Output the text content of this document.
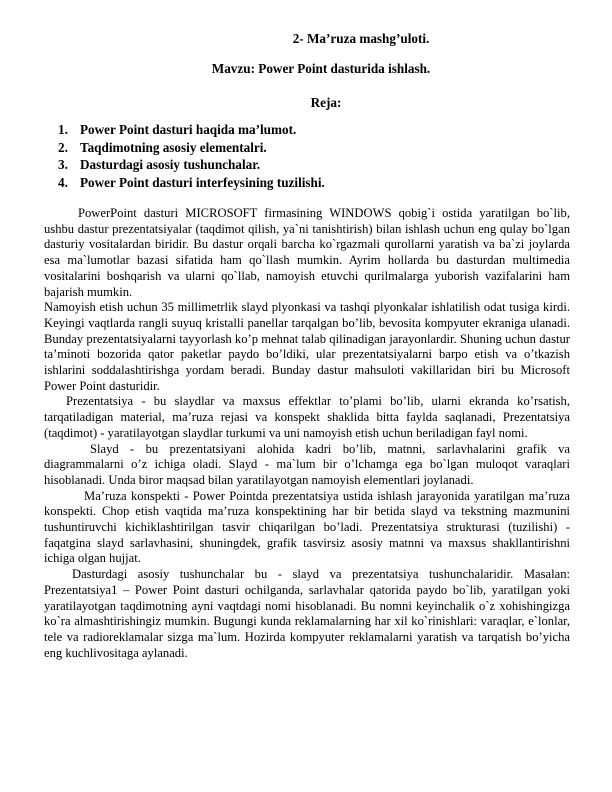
2- Ma’ruza mashg’uloti.
Mavzu: Power Point dasturida ishlash.
Reja:
1. Power Point dasturi haqida ma’lumot.
2. Taqdimotning asosiy elementalri.
3. Dasturdagi asosiy tushunchalar.
4. Power Point dasturi interfeysining tuzilishi.

PowerPoint dasturi MICROSOFT firmasining WINDOWS qobig`i ostida yaratilgan bo`lib, ushbu dastur prezentatsiyalar (taqdimot qilish, ya`ni tanishtirish) bilan ishlash uchun eng qulay bo`lgan dasturiy vositalardan biridir. Bu dastur orqali barcha ko`rgazmali qurollarni yaratish va ba`zi joylarda esa ma`lumotlar bazasi sifatida ham qo`llash mumkin. Ayrim hollarda bu dasturdan multimedia vositalarini boshqarish va ularni qo`llab, namoyish etuvchi qurilmalarga yuborish vazifalarini ham bajarish mumkin.

Namoyish etish uchun 35 millimetrlik slayd plyonkasi va tashqi plyonkalar ishlatilish odat tusiga kirdi. Keyingi vaqtlarda rangli suyuq kristalli panellar tarqalgan bo’lib, bevosita kompyuter ekraniga ulanadi. Bunday prezentatsiyalarni tayyorlash ko’p mehnat talab qilinadigan jarayonlardir. Shuning uchun dastur ta’minoti bozorida qator paketlar paydo bo’ldiki, ular prezentatsiyalarni barpo etish va o’tkazish ishlarini soddalashtirishga yordam beradi. Bunday dastur mahsuloti vakillaridan biri bu Microsoft Power Point dasturidir.

Prezentatsiya - bu slaydlar va maxsus effektlar to’plami bo’lib, ularni ekranda ko’rsatish, tarqatiladigan material, ma’ruza rejasi va konspekt shaklida bitta faylda saqlanadi, Prezentatsiya (taqdimot) - yaratilayotgan slaydlar turkumi va uni namoyish etish uchun beriladigan fayl nomi.

Slayd - bu prezentatsiyani alohida kadri bo’lib, matnni, sarlavhalarini grafik va diagrammalarni o’z ichiga oladi. Slayd - ma`lum bir o’lchamga ega bo`lgan muloqot varaqlari hisoblanadi. Unda biror maqsad bilan yaratilayotgan namoyish elementlari joylanadi.

Ma’ruza konspekti - Power Pointda prezentatsiya ustida ishlash jarayonida yaratilgan ma’ruza konspekti. Chop etish vaqtida ma’ruza konspektining har bir betida slayd va tekstning mazmunini tushuntiruvchi kichiklashtirilgan tasvir chiqarilgan bo’ladi. Prezentatsiya strukturasi (tuzilishi) - faqatgina slayd sarlavhasini, shuningdek, grafik tasvirsiz asosiy matnni va maxsus shakllantirishni ichiga olgan hujjat.

Dasturdagi asosiy tushunchalar bu - slayd va prezentatsiya tushunchalaridir. Masalan: Prezentatsiya1 – Power Point dasturi ochilganda, sarlavhalar qatorida paydo bo`lib, yaratilgan yoki yaratilayotgan taqdimotning ayni vaqtdagi nomi hisoblanadi. Bu nomni keyinchalik o`z xohishingizga ko`ra almashtirishingiz mumkin. Bugungi kunda reklamalarning har xil ko`rinishlari: varaqlar, e`lonlar, tele va radioreklamalar sizga ma`lum. Hozirda kompyuter reklamalarni yaratish va tarqatish bo’yicha eng kuchlivositaga aylanadi.
